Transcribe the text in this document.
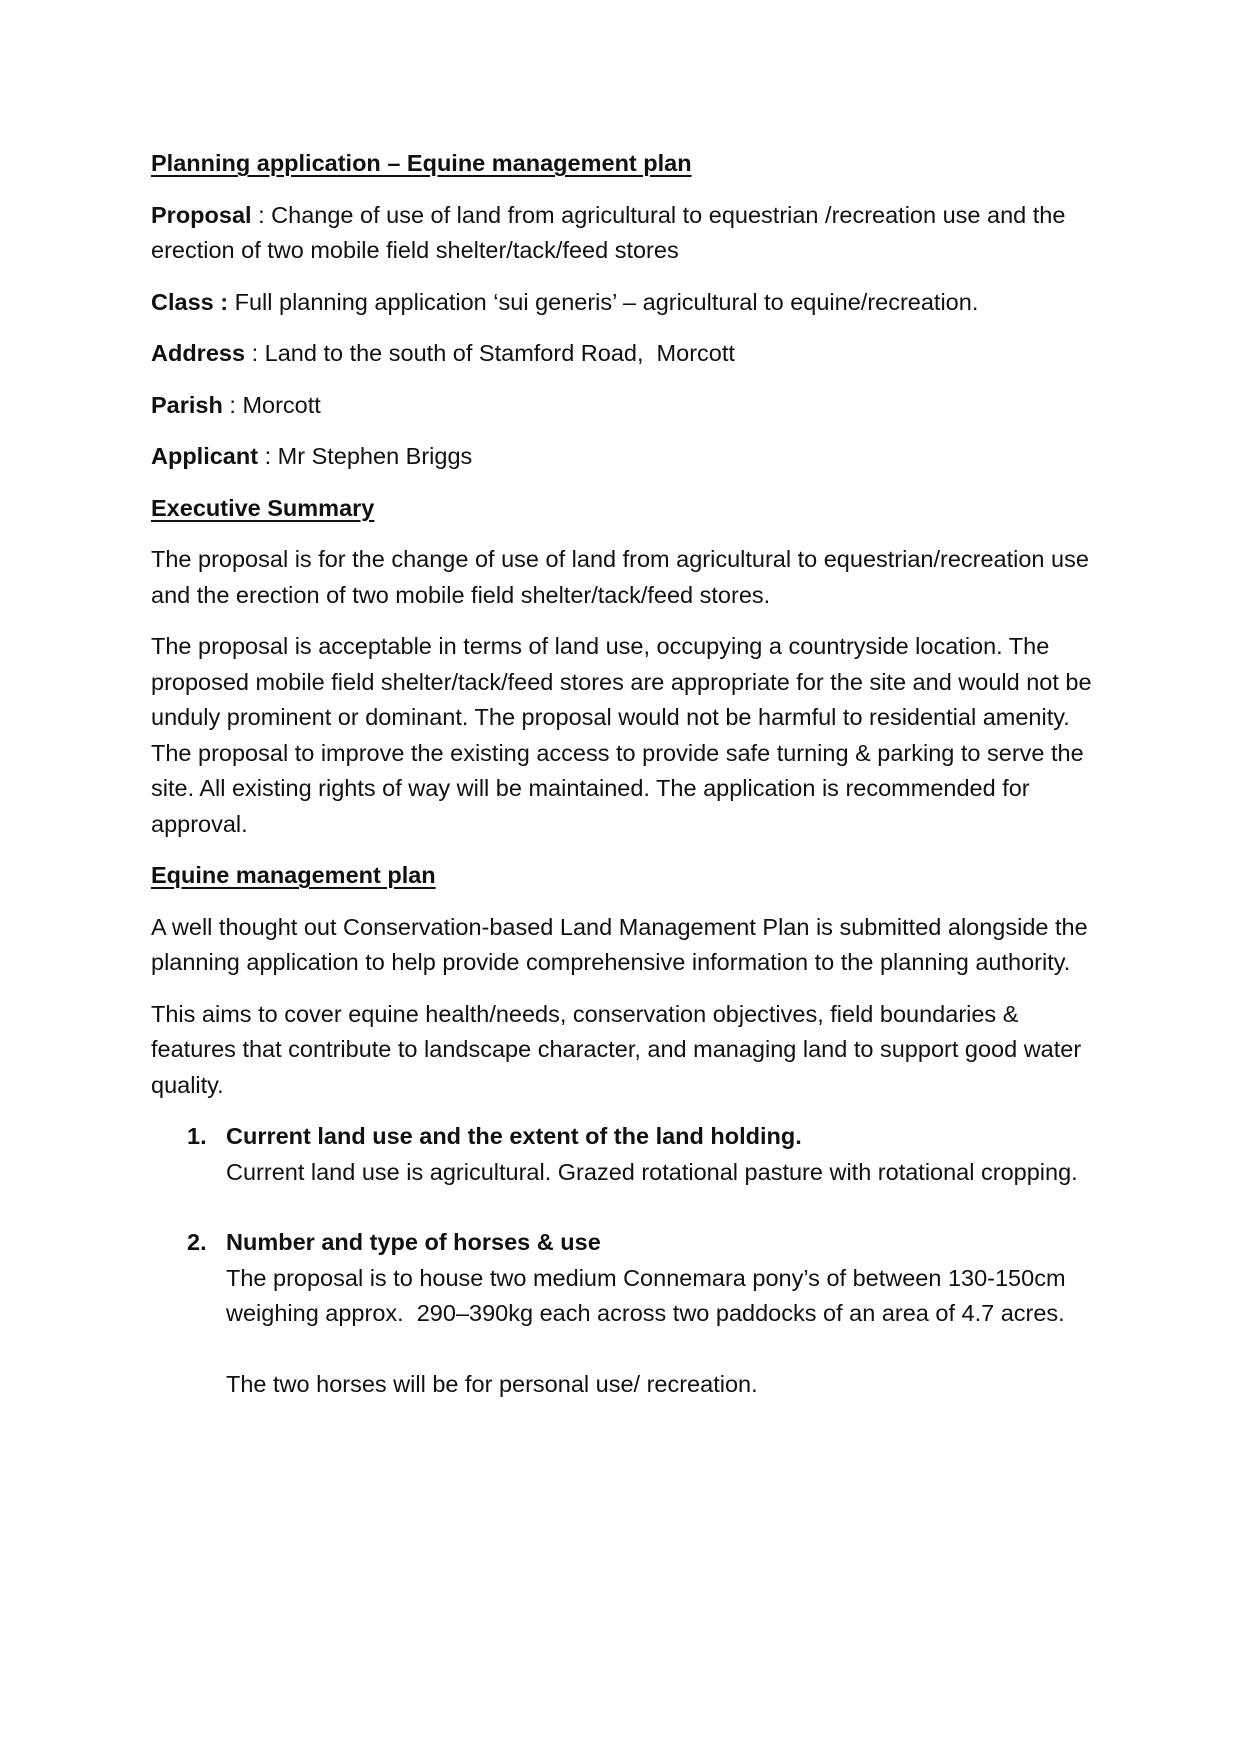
Planning application – Equine management plan

Proposal : Change of use of land from agricultural to equestrian /recreation use and the erection of two mobile field shelter/tack/feed stores

Class : Full planning application ‘sui generis’ – agricultural to equine/recreation.

Address : Land to the south of Stamford Road,  Morcott

Parish : Morcott

Applicant : Mr Stephen Briggs

Executive Summary

The proposal is for the change of use of land from agricultural to equestrian/recreation use and the erection of two mobile field shelter/tack/feed stores.

The proposal is acceptable in terms of land use, occupying a countryside location. The proposed mobile field shelter/tack/feed stores are appropriate for the site and would not be unduly prominent or dominant. The proposal would not be harmful to residential amenity. The proposal to improve the existing access to provide safe turning & parking to serve the site. All existing rights of way will be maintained. The application is recommended for approval.

Equine management plan

A well thought out Conservation-based Land Management Plan is submitted alongside the planning application to help provide comprehensive information to the planning authority.

This aims to cover equine health/needs, conservation objectives, field boundaries & features that contribute to landscape character, and managing land to support good water quality.

1. Current land use and the extent of the land holding.
Current land use is agricultural. Grazed rotational pasture with rotational cropping.
2. Number and type of horses & use
The proposal is to house two medium Connemara pony’s of between 130-150cm weighing approx.  290–390kg each across two paddocks of an area of 4.7 acres.
The two horses will be for personal use/ recreation.
